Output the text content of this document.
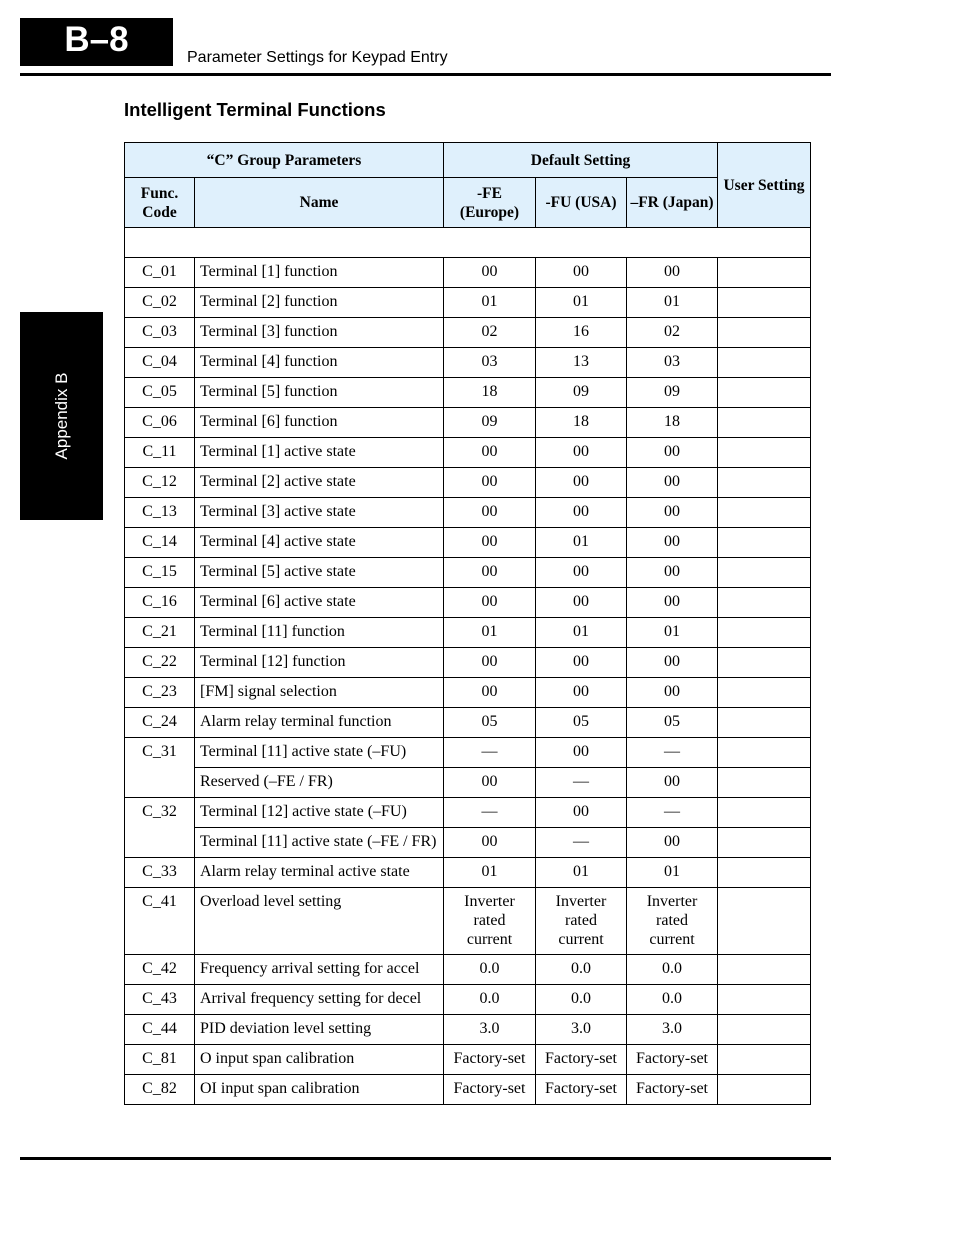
B–8	Parameter Settings for Keypad Entry
Appendix B
Intelligent Terminal Functions
“C” Group Parameters		Default Setting			User Setting
Func. Code	Name	-FE (Europe)	-FU (USA)	–FR (Japan)	

C_01	Terminal [1] function	00	00	00	
C_02	Terminal [2] function	01	01	01	
C_03	Terminal [3] function	02	16	02	
C_04	Terminal [4] function	03	13	03	
C_05	Terminal [5] function	18	09	09	
C_06	Terminal [6] function	09	18	18	
C_11	Terminal [1] active state	00	00	00	
C_12	Terminal [2] active state	00	00	00	
C_13	Terminal [3] active state	00	00	00	
C_14	Terminal [4] active state	00	01	00	
C_15	Terminal [5] active state	00	00	00	
C_16	Terminal [6] active state	00	00	00	
C_21	Terminal [11] function	01	01	01	
C_22	Terminal [12] function	00	00	00	
C_23	[FM] signal selection	00	00	00	
C_24	Alarm relay terminal function	05	05	05	
C_31	Terminal [11] active state (–FU)	—	00	—	
	Reserved (–FE / FR)	00	—	00	
C_32	Terminal [12] active state (–FU)	—	00	—	
	Terminal [11] active state (–FE / FR)	00	—	00	
C_33	Alarm relay terminal active state	01	01	01	
C_41	Overload level setting	Inverter rated current	Inverter rated current	Inverter rated current	
C_42	Frequency arrival setting for accel	0.0	0.0	0.0	
C_43	Arrival frequency setting for decel	0.0	0.0	0.0	
C_44	PID deviation level setting	3.0	3.0	3.0	
C_81	O input span calibration	Factory-set	Factory-set	Factory-set	
C_82	OI input span calibration	Factory-set	Factory-set	Factory-set	
